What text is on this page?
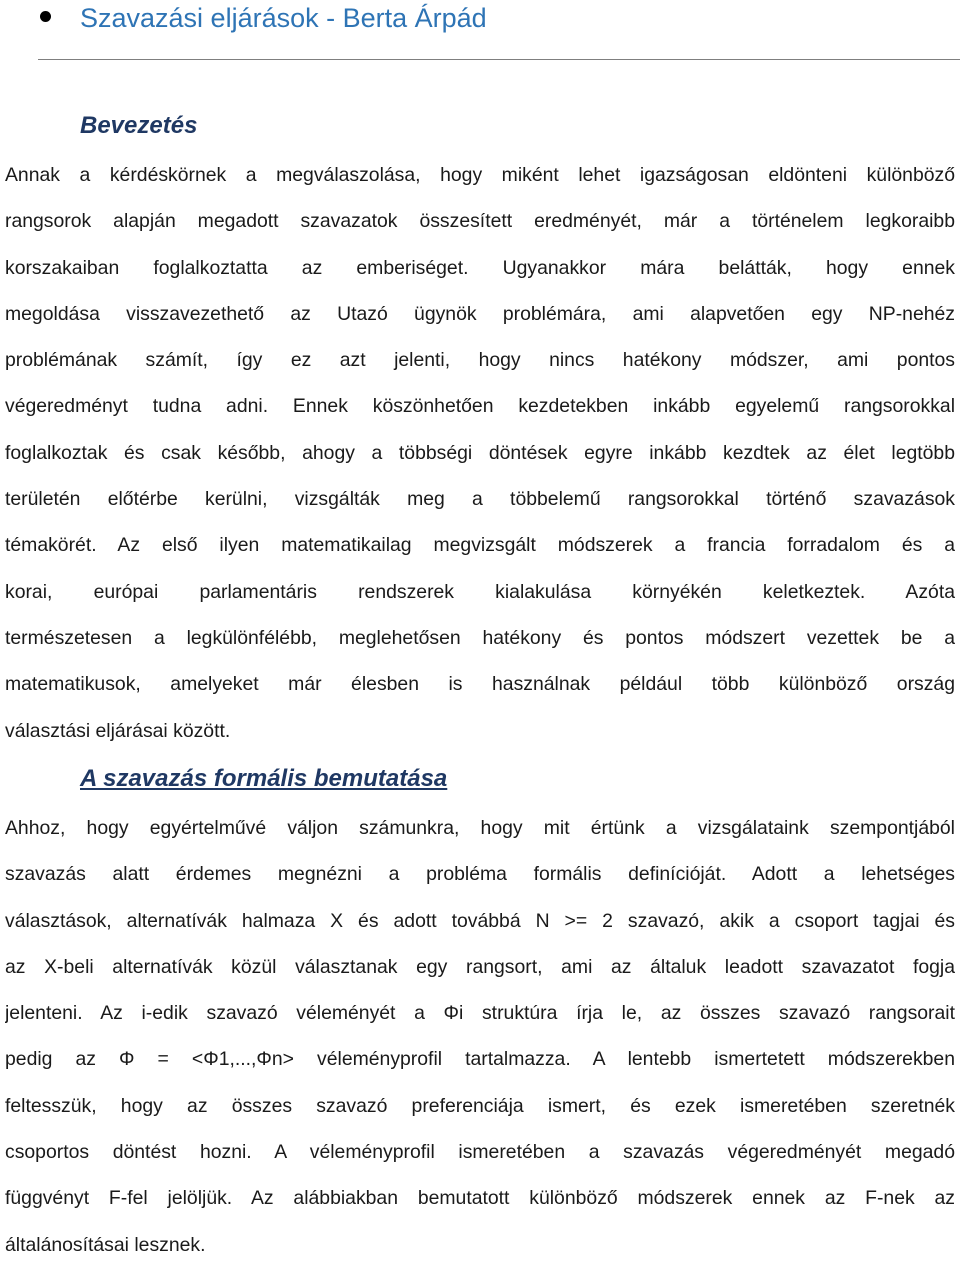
Szavazási eljárások - Berta Árpád
Bevezetés
Annak a kérdéskörnek a megválaszolása, hogy miként lehet igazságosan eldönteni különböző
rangsorok alapján megadott szavazatok összesített eredményét, már a történelem legkoraibb
korszakaiban foglalkoztatta az emberiséget. Ugyanakkor mára belátták, hogy ennek
megoldása visszavezethető az Utazó ügynök problémára, ami alapvetően egy NP-nehéz
problémának számít, így ez azt jelenti, hogy nincs hatékony módszer, ami pontos
végeredményt tudna adni. Ennek köszönhetően kezdetekben inkább egyelemű rangsorokkal
foglalkoztak és csak később, ahogy a többségi döntések egyre inkább kezdtek az élet legtöbb
területén előtérbe kerülni, vizsgálták meg a többelemű rangsorokkal történő szavazások
témakörét. Az első ilyen matematikailag megvizsgált módszerek a francia forradalom és a
korai, európai parlamentáris rendszerek kialakulása környékén keletkeztek. Azóta
természetesen a legkülönfélébb, meglehetősen hatékony és pontos módszert vezettek be a
matematikusok, amelyeket már élesben is használnak például több különböző ország
választási eljárásai között.
A szavazás formális bemutatása
Ahhoz, hogy egyértelművé váljon számunkra, hogy mit értünk a vizsgálataink szempontjából
szavazás alatt érdemes megnézni a probléma formális definícióját. Adott a lehetséges
választások, alternatívák halmaza X és adott továbbá N >= 2 szavazó, akik a csoport tagjai és
az X-beli alternatívák közül választanak egy rangsort, ami az általuk leadott szavazatot fogja
jelenteni. Az i-edik szavazó véleményét a Φi struktúra írja le, az összes szavazó rangsorait
pedig az Φ = <Φ1,...,Φn> véleményprofil tartalmazza. A lentebb ismertetett módszerekben
feltesszük, hogy az összes szavazó preferenciája ismert, és ezek ismeretében szeretnék
csoportos döntést hozni. A véleményprofil ismeretében a szavazás végeredményét megadó
függvényt F-fel jelöljük. Az alábbiakban bemutatott különböző módszerek ennek az F-nek az
általánosításai lesznek.
